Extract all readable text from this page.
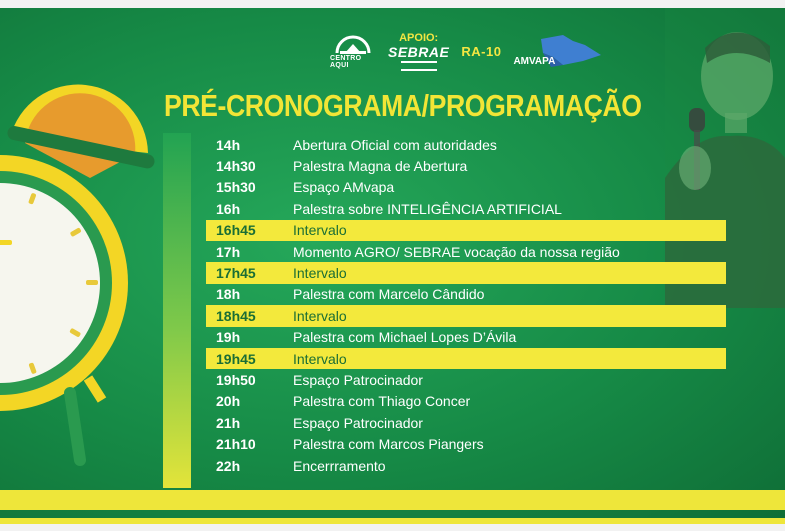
CENTRO AQUI
APOIO:
SEBRAE RA-10
AMVAPA
PRÉ-CRONOGRAMA/PROGRAMAÇÃO
14h	Abertura Oficial com autoridades
14h30	Palestra Magna de Abertura
15h30	Espaço AMvapa
16h	Palestra sobre INTELIGÊNCIA ARTIFICIAL
16h45	Intervalo
17h	Momento AGRO/ SEBRAE vocação da nossa região
17h45	Intervalo
18h	Palestra com Marcelo Cândido
18h45	Intervalo
19h	Palestra com Michael Lopes D’Ávila
19h45	Intervalo
19h50	Espaço Patrocinador
20h	Palestra com Thiago Concer
21h	Espaço Patrocinador
21h10	Palestra com Marcos Piangers
22h	Encerrramento
